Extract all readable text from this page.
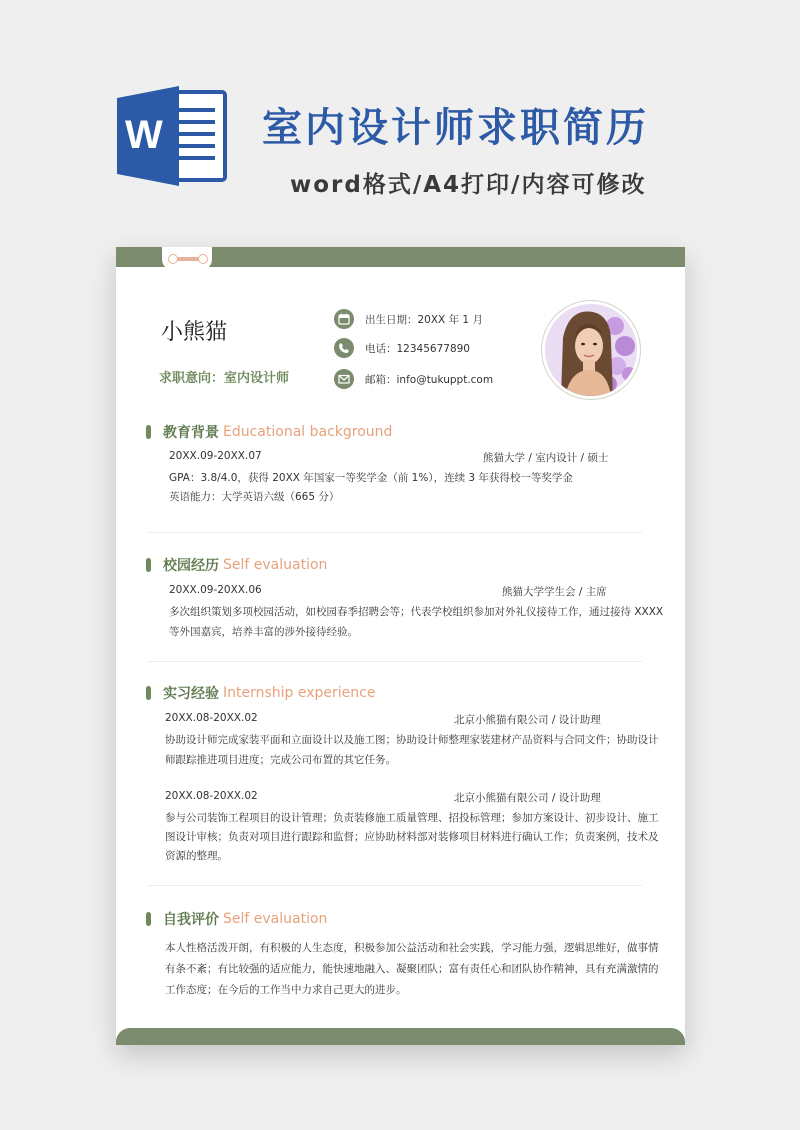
W 室内设计师求职简历
word格式/A4打印/内容可修改
小熊猫
求职意向：室内设计师
出生日期：20XX 年 1 月
电话：12345677890
邮箱：info@tukuppt.com
教育背景 Educational background
20XX.09-20XX.07	熊猫大学 / 室内设计 / 硕士
GPA：3.8/4.0，获得 20XX 年国家一等奖学金（前 1%），连续 3 年获得校一等奖学金
英语能力：大学英语六级（665 分）
校园经历 Self evaluation
20XX.09-20XX.06	熊猫大学学生会 / 主席
多次组织策划多项校园活动，如校园春季招聘会等；代表学校组织参加对外礼仪接待工作，通过接待 XXXX
等外国嘉宾，培养丰富的涉外接待经验。
实习经验 Internship experience
20XX.08-20XX.02	北京小熊猫有限公司 / 设计助理
协助设计师完成家装平面和立面设计以及施工图；协助设计师整理家装建材产品资料与合同文件；协助设计
师跟踪推进项目进度；完成公司布置的其它任务。
20XX.08-20XX.02	北京小熊猫有限公司 / 设计助理
参与公司装饰工程项目的设计管理；负责装修施工质量管理、招投标管理；参加方案设计、初步设计、施工
图设计审核；负责对项目进行跟踪和监督；应协助材料部对装修项目材料进行确认工作；负责案例，技术及
资源的整理。
自我评价 Self evaluation
本人性格活泼开朗，有积极的人生态度，积极参加公益活动和社会实践，学习能力强，逻辑思维好，做事情
有条不紊；有比较强的适应能力，能快速地融入、凝聚团队；富有责任心和团队协作精神，具有充满激情的
工作态度；在今后的工作当中力求自己更大的进步。
